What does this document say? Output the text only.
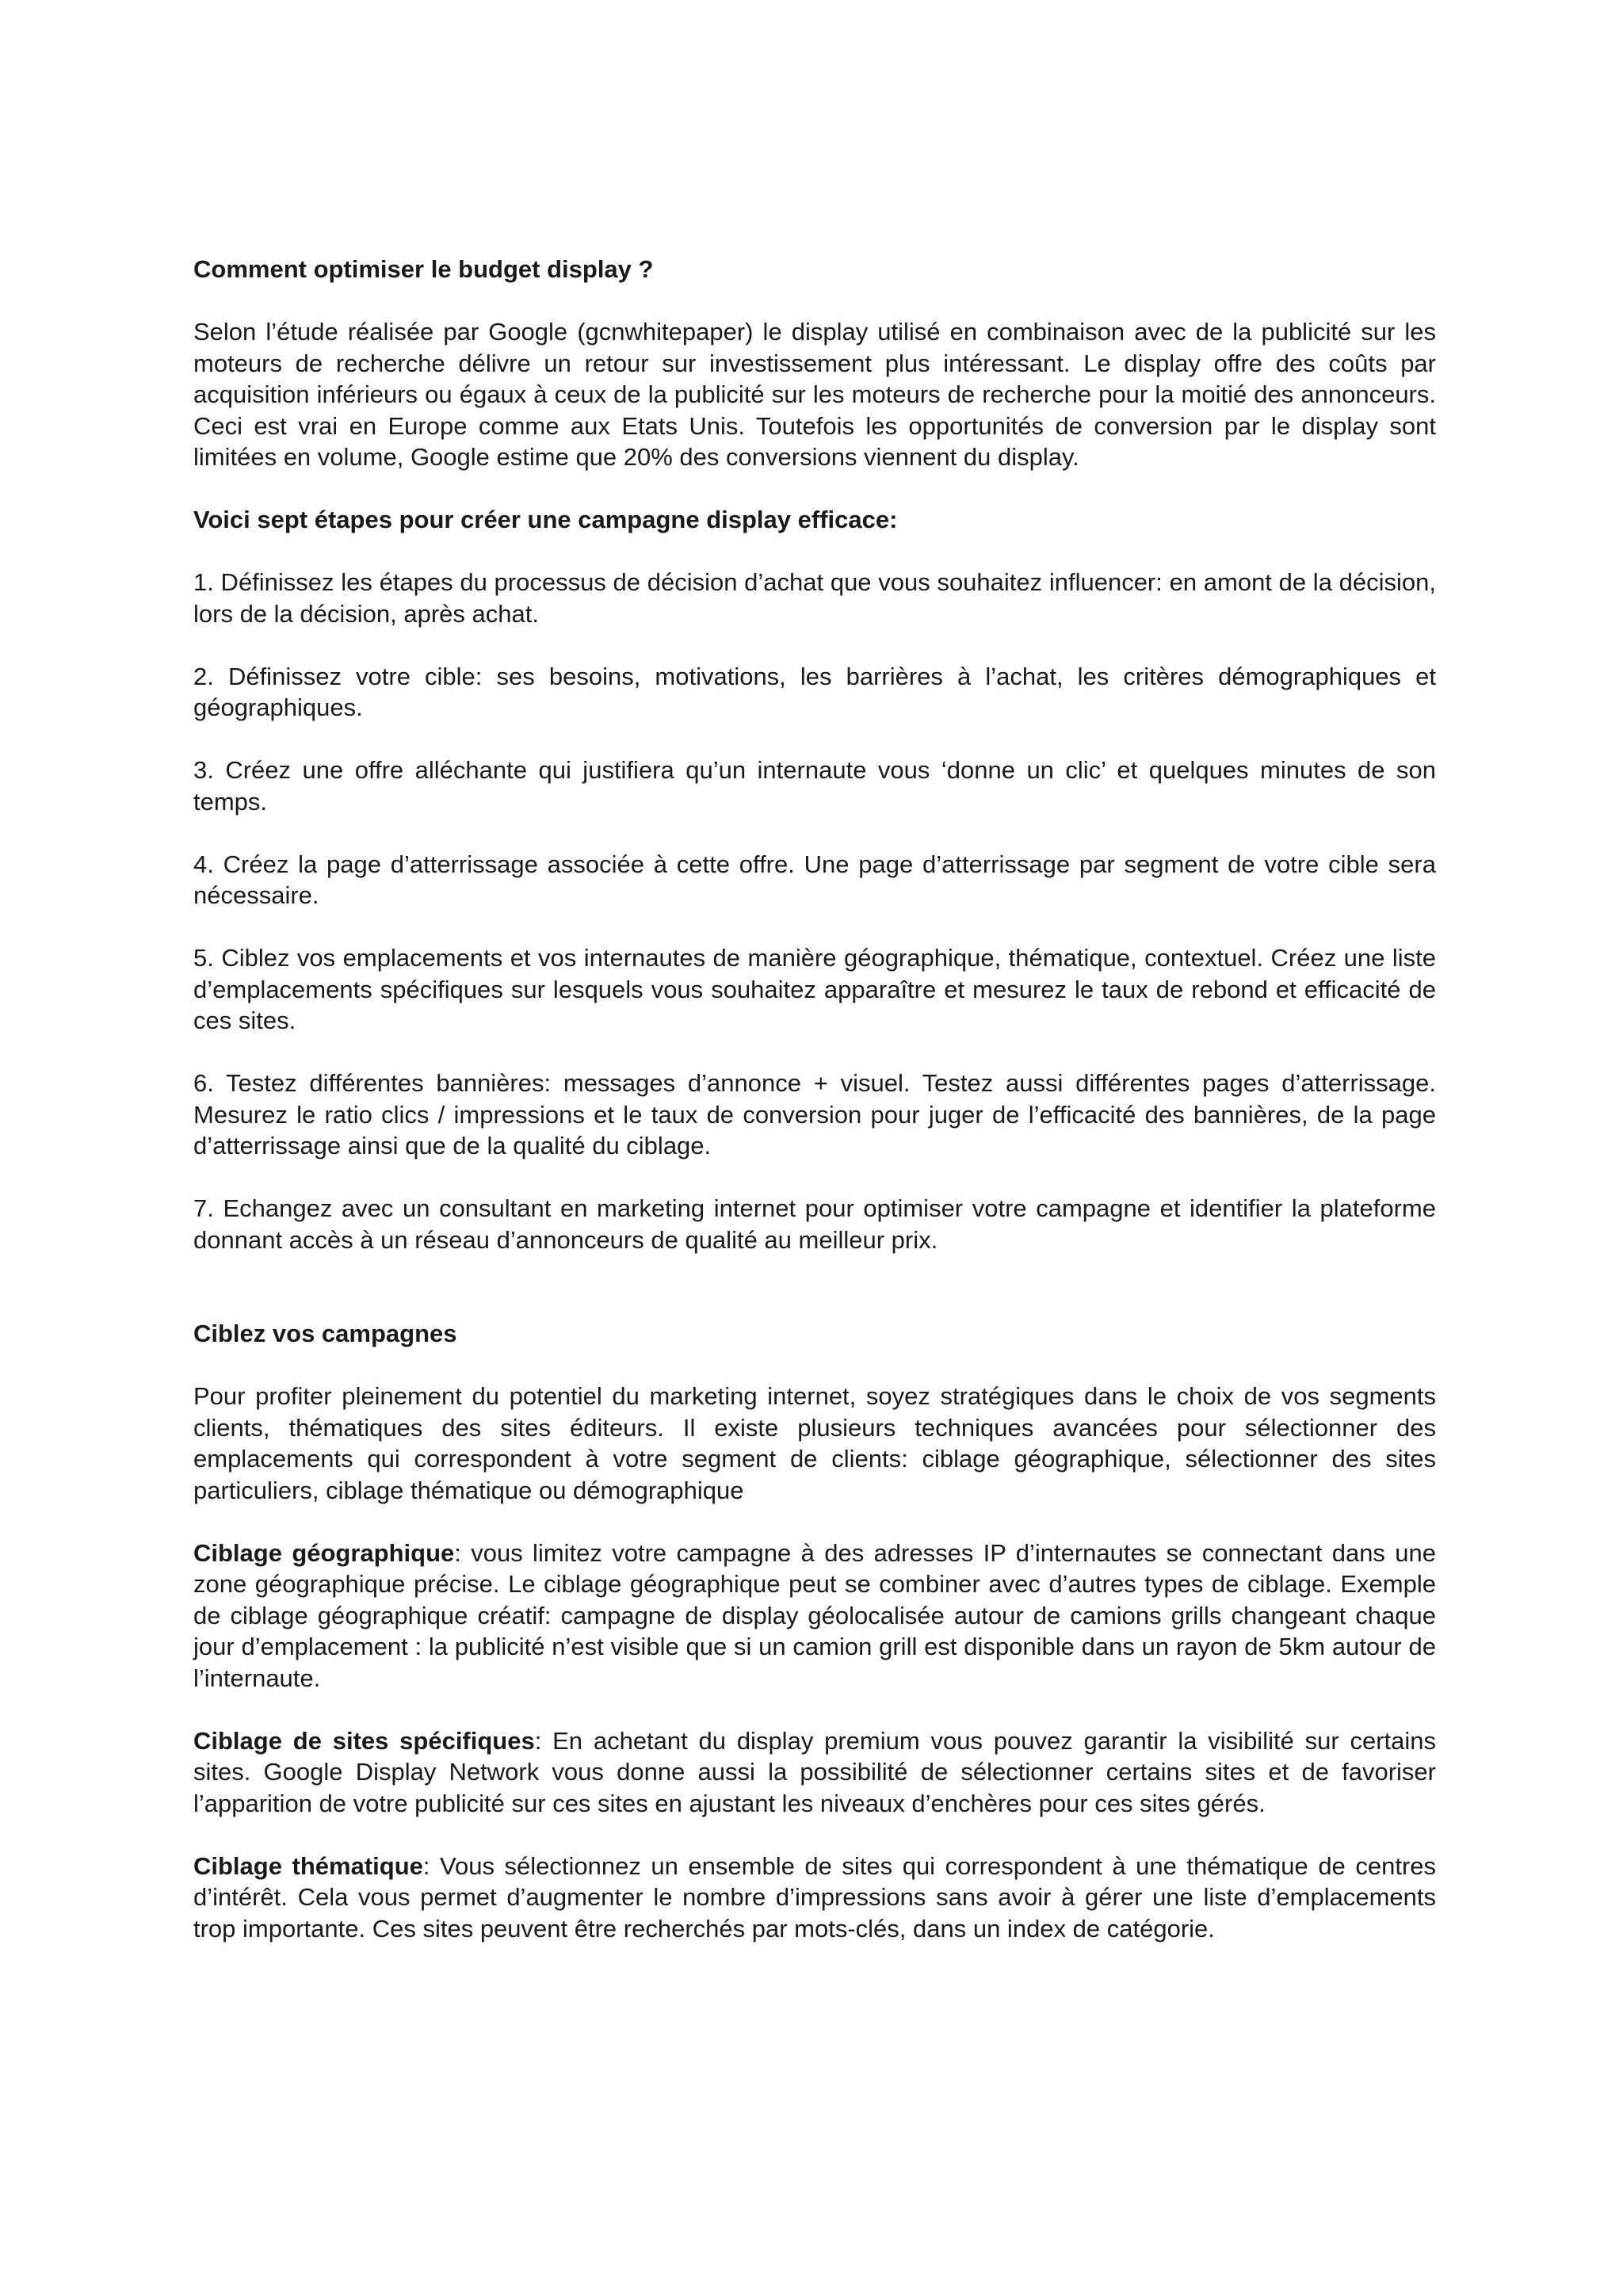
Comment optimiser le budget display ?

Selon l’étude réalisée par Google (gcnwhitepaper) le display utilisé en combinaison avec de la publicité sur les moteurs de recherche délivre un retour sur investissement plus intéressant. Le display offre des coûts par acquisition inférieurs ou égaux à ceux de la publicité sur les moteurs de recherche pour la moitié des annonceurs. Ceci est vrai en Europe comme aux Etats Unis. Toutefois les opportunités de conversion par le display sont limitées en volume, Google estime que 20% des conversions viennent du display.

Voici sept étapes pour créer une campagne display efficace:

1. Définissez les étapes du processus de décision d’achat que vous souhaitez influencer: en amont de la décision, lors de la décision, après achat.

2. Définissez votre cible: ses besoins, motivations, les barrières à l’achat, les critères démographiques et géographiques.

3. Créez une offre alléchante qui justifiera qu’un internaute vous ‘donne un clic’ et quelques minutes de son temps.

4. Créez la page d’atterrissage associée à cette offre. Une page d’atterrissage par segment de votre cible sera nécessaire.

5. Ciblez vos emplacements et vos internautes de manière géographique, thématique, contextuel. Créez une liste d’emplacements spécifiques sur lesquels vous souhaitez apparaître et mesurez le taux de rebond et efficacité de ces sites.

6. Testez différentes bannières: messages d’annonce + visuel. Testez aussi différentes pages d’atterrissage. Mesurez le ratio clics / impressions et le taux de conversion pour juger de l’efficacité des bannières, de la page d’atterrissage ainsi que de la qualité du ciblage.

7. Echangez avec un consultant en marketing internet pour optimiser votre campagne et identifier la plateforme donnant accès à un réseau d’annonceurs de qualité au meilleur prix.

Ciblez vos campagnes

Pour profiter pleinement du potentiel du marketing internet, soyez stratégiques dans le choix de vos segments clients, thématiques des sites éditeurs. Il existe plusieurs techniques avancées pour sélectionner des emplacements qui correspondent à votre segment de clients: ciblage géographique, sélectionner des sites particuliers, ciblage thématique ou démographique

Ciblage géographique: vous limitez votre campagne à des adresses IP d’internautes se connectant dans une zone géographique précise. Le ciblage géographique peut se combiner avec d’autres types de ciblage. Exemple de ciblage géographique créatif: campagne de display géolocalisée autour de camions grills changeant chaque jour d’emplacement : la publicité n’est visible que si un camion grill est disponible dans un rayon de 5km autour de l’internaute.

Ciblage de sites spécifiques: En achetant du display premium vous pouvez garantir la visibilité sur certains sites. Google Display Network vous donne aussi la possibilité de sélectionner certains sites et de favoriser l’apparition de votre publicité sur ces sites en ajustant les niveaux d’enchères pour ces sites gérés.

Ciblage thématique: Vous sélectionnez un ensemble de sites qui correspondent à une thématique de centres d’intérêt. Cela vous permet d’augmenter le nombre d’impressions sans avoir à gérer une liste d’emplacements trop importante. Ces sites peuvent être recherchés par mots-clés, dans un index de catégorie.
